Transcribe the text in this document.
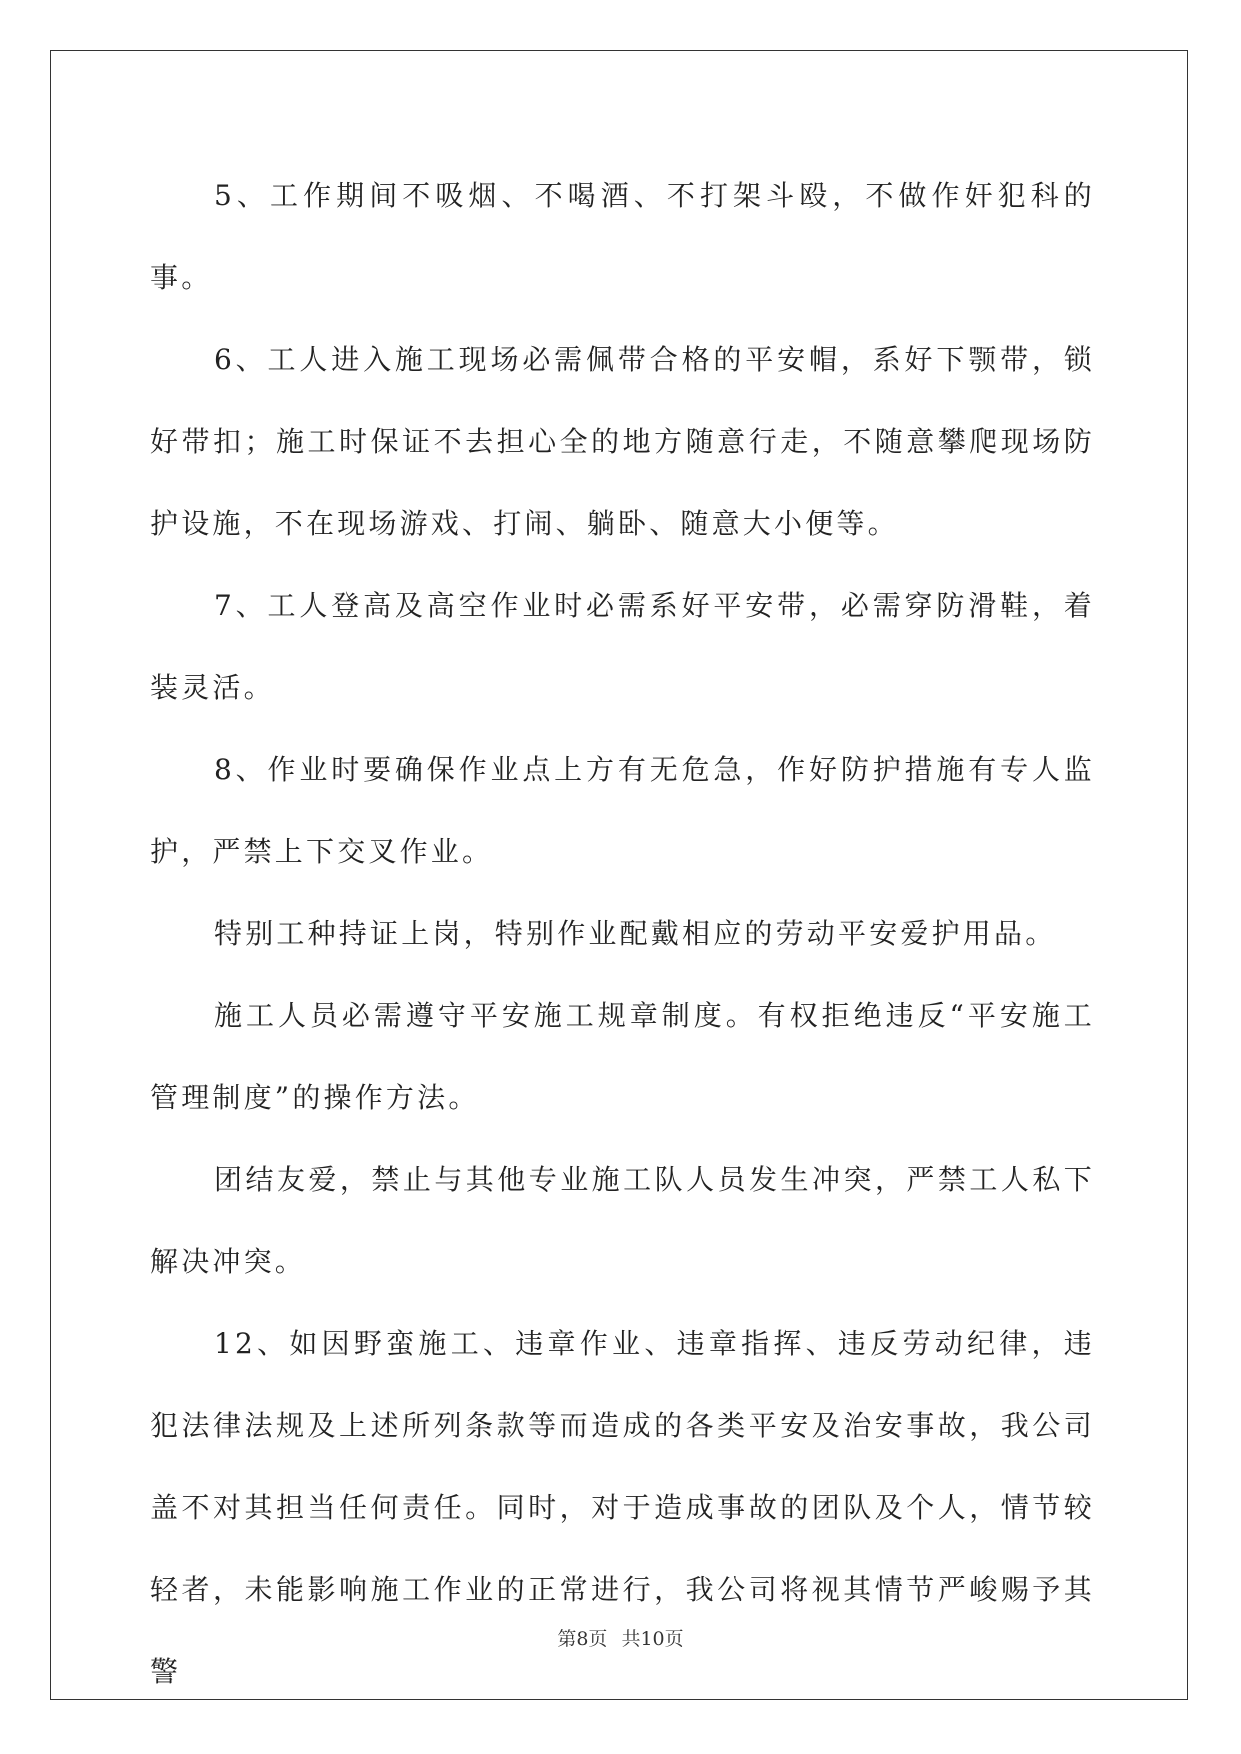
5、工作期间不吸烟、不喝酒、不打架斗殴，不做作奸犯科的事。

6、工人进入施工现场必需佩带合格的平安帽，系好下颚带，锁好带扣；施工时保证不去担心全的地方随意行走，不随意攀爬现场防护设施，不在现场游戏、打闹、躺卧、随意大小便等。

7、工人登高及高空作业时必需系好平安带，必需穿防滑鞋，着装灵活。

8、作业时要确保作业点上方有无危急，作好防护措施有专人监护，严禁上下交叉作业。

特别工种持证上岗，特别作业配戴相应的劳动平安爱护用品。

施工人员必需遵守平安施工规章制度。有权拒绝违反“平安施工管理制度”的操作方法。

团结友爱，禁止与其他专业施工队人员发生冲突，严禁工人私下解决冲突。

12、如因野蛮施工、违章作业、违章指挥、违反劳动纪律，违犯法律法规及上述所列条款等而造成的各类平安及治安事故，我公司盖不对其担当任何责任。同时，对于造成事故的团队及个人，情节较轻者，未能影响施工作业的正常进行，我公司将视其情节严峻赐予其警

第8页 共10页
